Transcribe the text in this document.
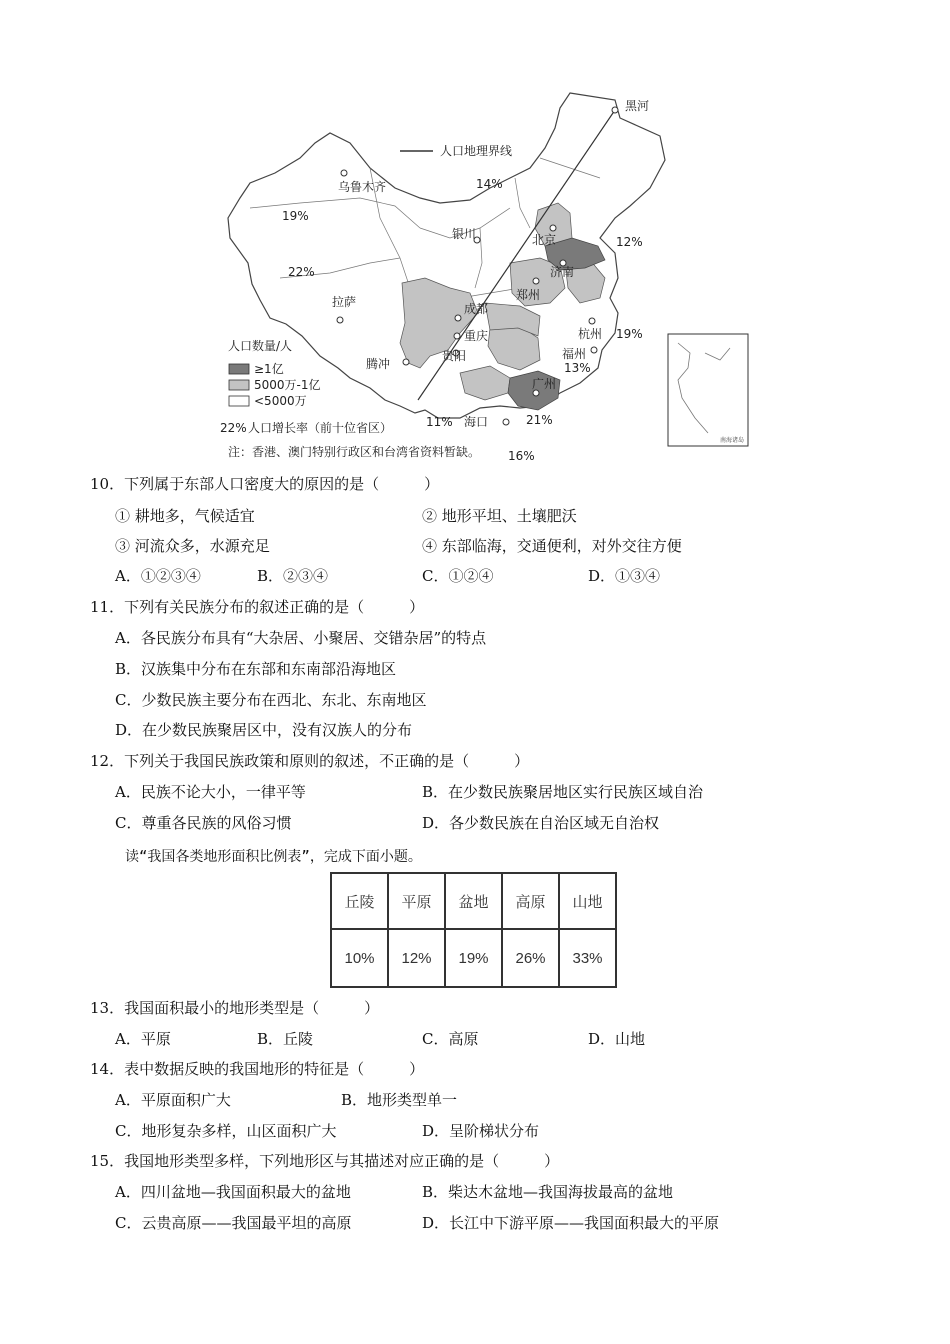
人口地理界线
黑河
乌鲁木齐
银川	北京
济南
郑州
拉萨	成都
重庆
贵阳
杭州
福州
腾冲
广州
海口
14%
19%
22%
12%
19%
13%
11%	21%
16%
人口数量/人
≥1亿
5000万-1亿
<5000万
22% 人口增长率（前十位省区）
注：香港、澳门特别行政区和台湾省资料暂缺。
南海诸岛
10．下列属于东部人口密度大的原因的是（　　　）
① 耕地多，气候适宜	② 地形平坦、土壤肥沃
③ 河流众多，水源充足	④ 东部临海，交通便利，对外交往方便
A．①②③④	B．②③④	C．①②④	D．①③④
11．下列有关民族分布的叙述正确的是（　　　）
A．各民族分布具有“大杂居、小聚居、交错杂居”的特点
B．汉族集中分布在东部和东南部沿海地区
C．少数民族主要分布在西北、东北、东南地区
D．在少数民族聚居区中，没有汉族人的分布
12．下列关于我国民族政策和原则的叙述，不正确的是（　　　）
A．民族不论大小，一律平等	B．在少数民族聚居地区实行民族区域自治
C．尊重各民族的风俗习惯	D．各少数民族在自治区域无自治权
读“我国各类地形面积比例表”，完成下面小题。
丘陵	平原	盆地	高原	山地
10%	12%	19%	26%	33%
13．我国面积最小的地形类型是（　　　）
A．平原	B．丘陵	C．高原	D．山地
14．表中数据反映的我国地形的特征是（　　　）
A．平原面积广大	B．地形类型单一
C．地形复杂多样，山区面积广大	D．呈阶梯状分布
15．我国地形类型多样，下列地形区与其描述对应正确的是（　　　）
A．四川盆地—我国面积最大的盆地	B．柴达木盆地—我国海拔最高的盆地
C．云贵高原——我国最平坦的高原	D．长江中下游平原——我国面积最大的平原
